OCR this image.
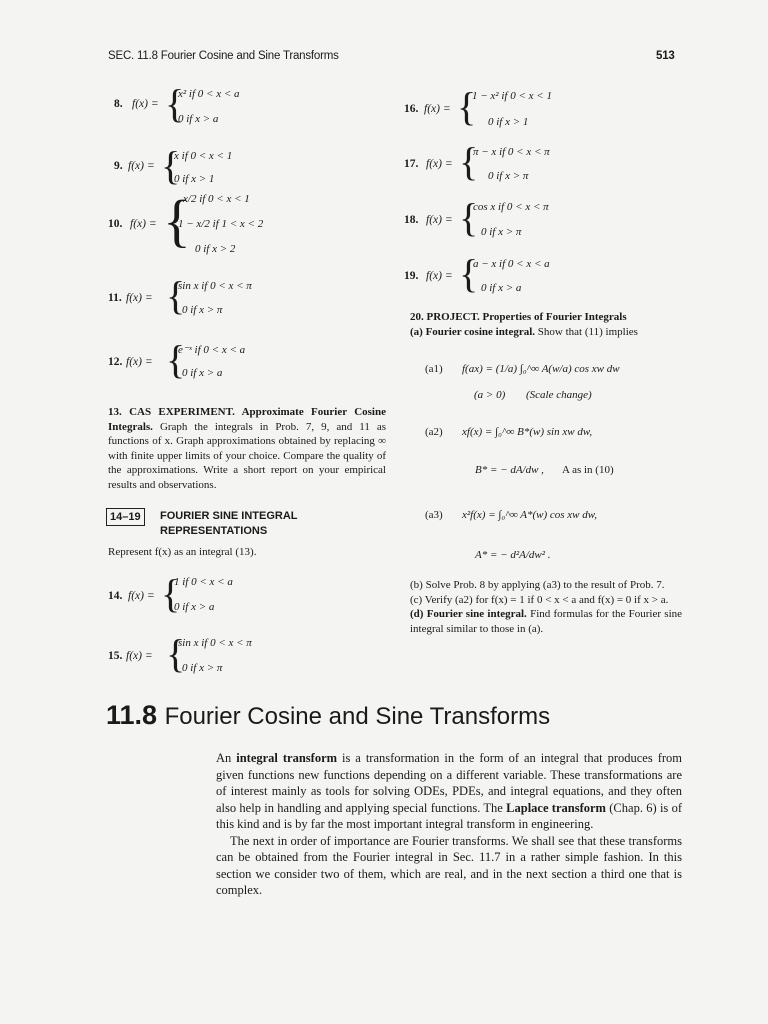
SEC. 11.8 Fourier Cosine and Sine Transforms	513
8. f(x) = {
x² if 0 < x < a
0 if x > a
9. f(x) = {
x if 0 < x < 1
0 if x > 1
10. f(x) = {
x/2 if 0 < x < 1
1 − x/2 if 1 < x < 2
0 if x > 2
11. f(x) = {
sin x if 0 < x < π
0 if x > π
12. f(x) = {
e⁻ˣ if 0 < x < a
0 if x > a
13. CAS EXPERIMENT. Approximate Fourier Cosine Integrals. Graph the integrals in Prob. 7, 9, and 11 as functions of x. Graph approximations obtained by replacing ∞ with finite upper limits of your choice. Compare the quality of the approximations. Write a short report on your empirical results and observations.
14–19	FOURIER SINE INTEGRAL
REPRESENTATIONS
Represent f(x) as an integral (13).
14. f(x) = {
1 if 0 < x < a
0 if x > a
15. f(x) = {
sin x if 0 < x < π
0 if x > π
16. f(x) = {
1 − x² if 0 < x < 1
0 if x > 1
17. f(x) = {
π − x if 0 < x < π
0 if x > π
18. f(x) = {
cos x if 0 < x < π
0 if x > π
19. f(x) = {
a − x if 0 < x < a
0 if x > a
20. PROJECT. Properties of Fourier Integrals
(a) Fourier cosine integral. Show that (11) implies
(a1) f(ax) = (1/a) ∫₀^∞ A(w/a) cos xw dw
(a > 0) (Scale change)
(a2) xf(x) = ∫₀^∞ B*(w) sin xw dw,
B* = − dA/dw , A as in (10)
(a3) x²f(x) = ∫₀^∞ A*(w) cos xw dw,
A* = − d²A/dw² .
(b) Solve Prob. 8 by applying (a3) to the result of Prob. 7.
(c) Verify (a2) for f(x) = 1 if 0 < x < a and f(x) = 0 if x > a.
(d) Fourier sine integral. Find formulas for the Fourier sine integral similar to those in (a).
11.8 Fourier Cosine and Sine Transforms
An integral transform is a transformation in the form of an integral that produces from given functions new functions depending on a different variable. These transformations are of interest mainly as tools for solving ODEs, PDEs, and integral equations, and they often also help in handling and applying special functions. The Laplace transform (Chap. 6) is of this kind and is by far the most important integral transform in engineering.
The next in order of importance are Fourier transforms. We shall see that these transforms can be obtained from the Fourier integral in Sec. 11.7 in a rather simple fashion. In this section we consider two of them, which are real, and in the next section a third one that is complex.
